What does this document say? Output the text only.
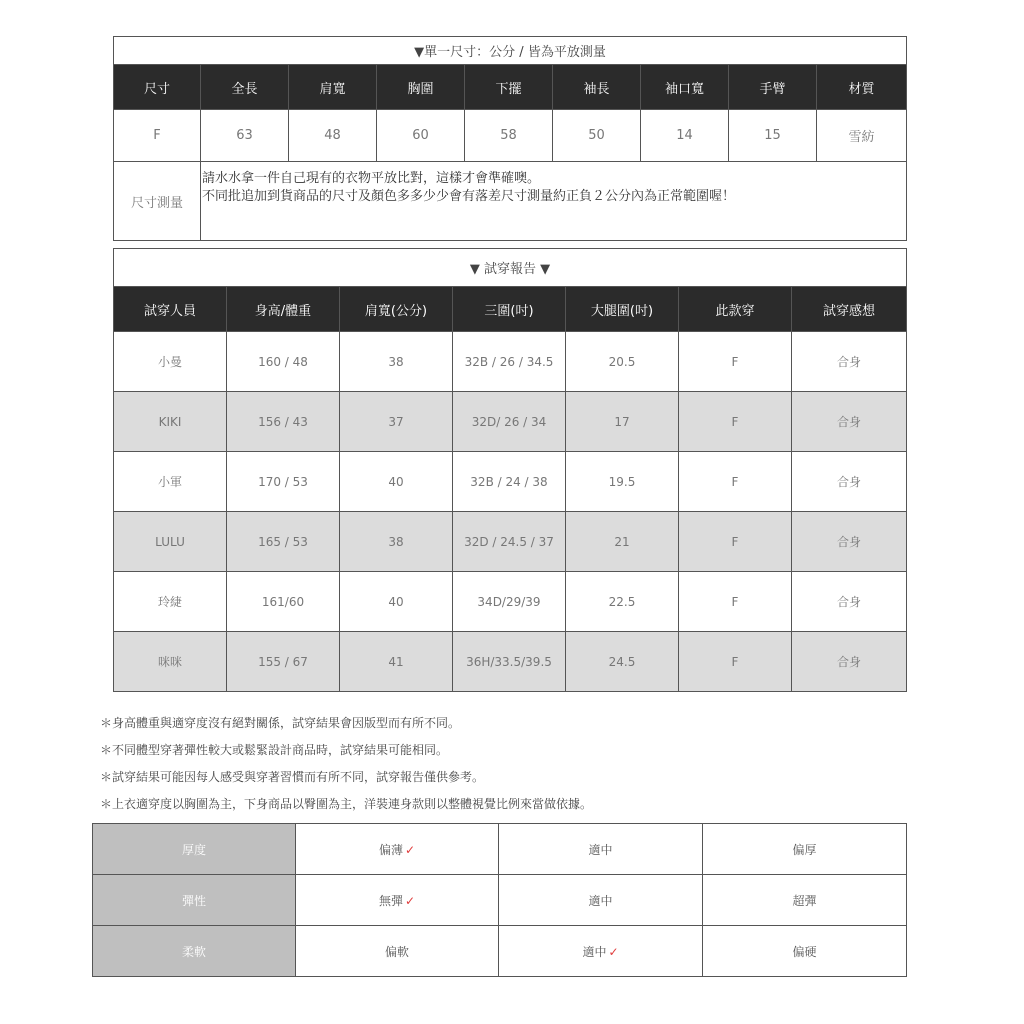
▼單一尺寸：公分 / 皆為平放測量								
尺寸	全長	肩寬	胸圍	下擺	袖長	袖口寬	手臂	材質
F	63	48	60	58	50	14	15	雪紡
尺寸測量	請水水拿一件自己現有的衣物平放比對，這樣才會準確噢。
不同批追加到貨商品的尺寸及顏色多多少少會有落差尺寸測量約正負２公分內為正常範圍喔！							
▼ 試穿報告 ▼						
試穿人員	身高/體重	肩寬(公分)	三圍(吋)	大腿圍(吋)	此款穿	試穿感想
小曼	160 / 48	38	32B / 26 / 34.5	20.5	F	合身
KIKI	156 / 43	37	32D/ 26 / 34	17	F	合身
小軍	170 / 53	40	32B / 24 / 38	19.5	F	合身
LULU	165 / 53	38	32D / 24.5 / 37	21	F	合身
玲緁	161/60	40	34D/29/39	22.5	F	合身
咪咪	155 / 67	41	36H/33.5/39.5	24.5	F	合身
＊身高體重與適穿度沒有絕對關係，試穿結果會因版型而有所不同。
＊不同體型穿著彈性較大或鬆緊設計商品時，試穿結果可能相同。
＊試穿結果可能因每人感受與穿著習慣而有所不同，試穿報告僅供參考。
＊上衣適穿度以胸圍為主，下身商品以臀圍為主，洋裝連身款則以整體視覺比例來當做依據。
厚度	偏薄 ✓	適中	偏厚
彈性	無彈 ✓	適中	超彈
柔軟	偏軟	適中 ✓	偏硬
